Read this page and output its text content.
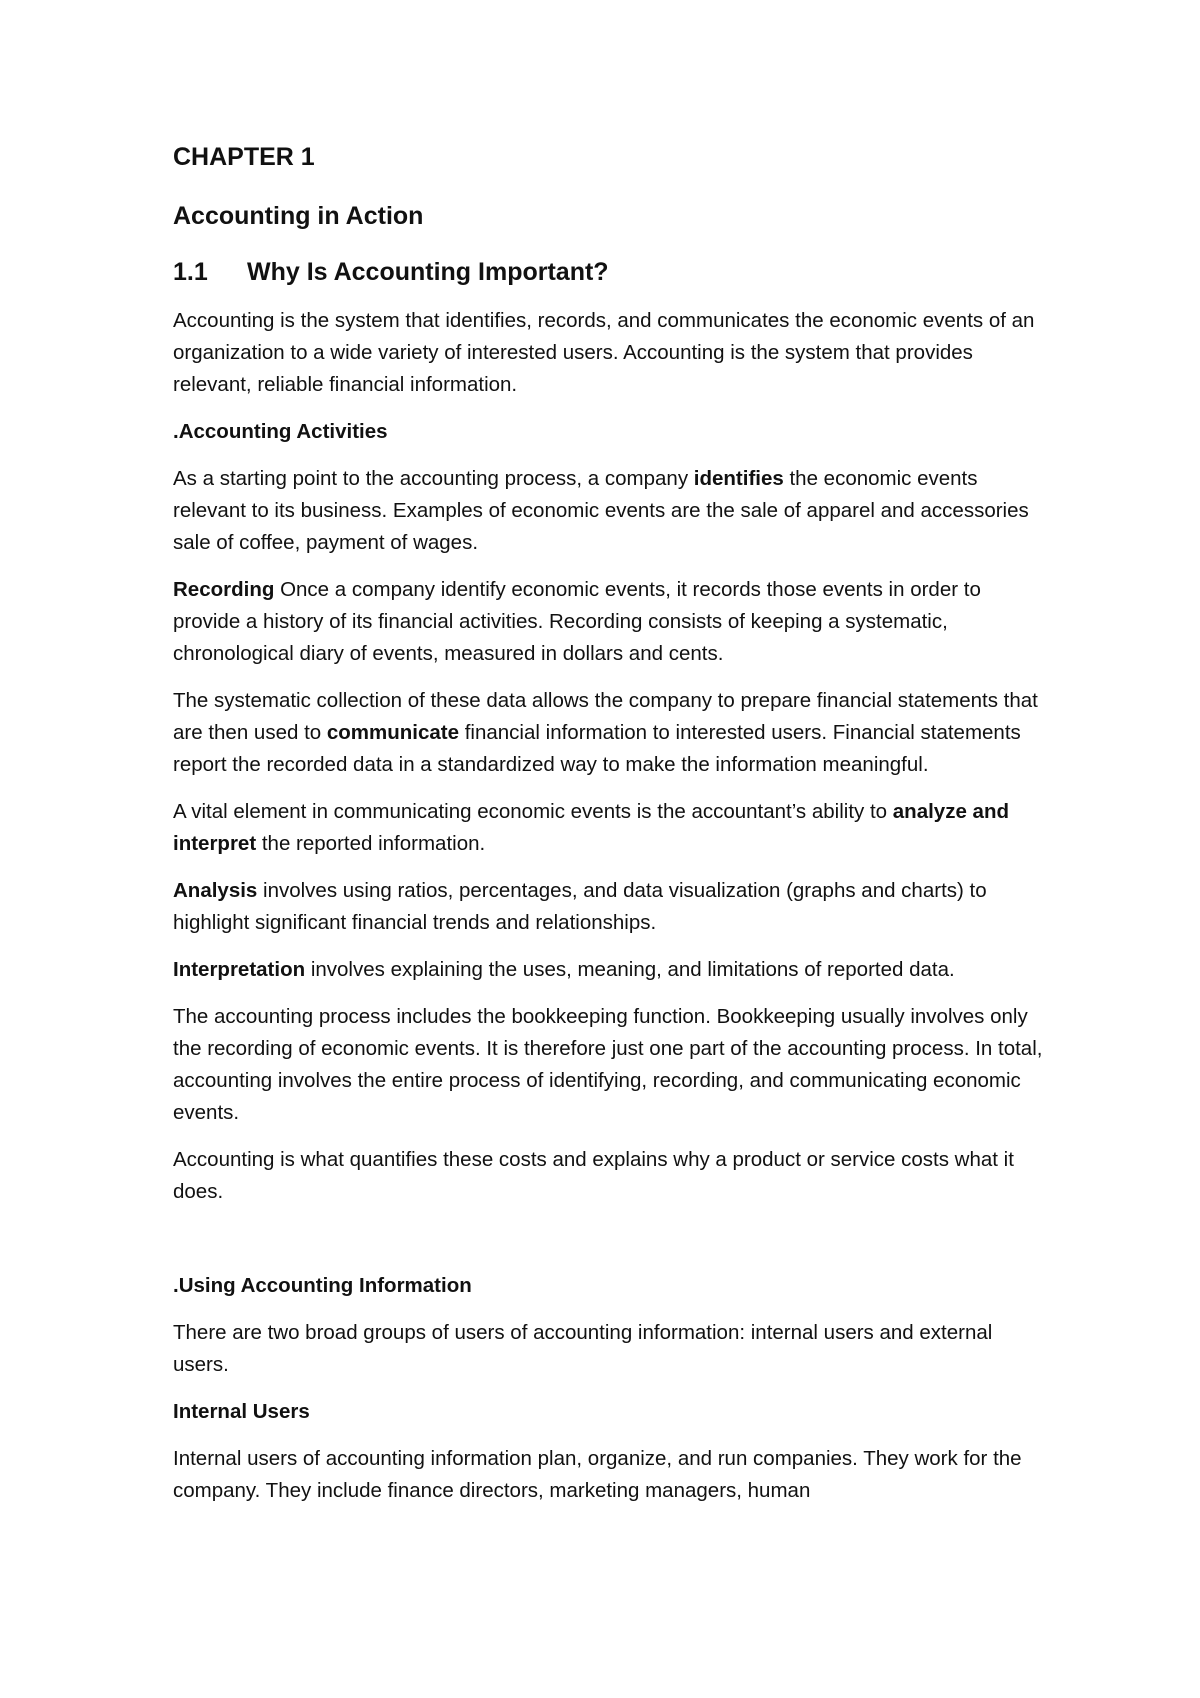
CHAPTER 1
Accounting in Action
1.1 Why Is Accounting Important?

Accounting is the system that identifies, records, and communicates the economic events of an organization to a wide variety of interested users. Accounting is the system that provides relevant, reliable financial information.

.Accounting Activities

As a starting point to the accounting process, a company identifies the economic events relevant to its business. Examples of economic events are the sale of apparel and accessories sale of coffee, payment of wages.

Recording Once a company identify economic events, it records those events in order to provide a history of its financial activities. Recording consists of keeping a systematic, chronological diary of events, measured in dollars and cents.

The systematic collection of these data allows the company to prepare financial statements that are then used to communicate financial information to interested users. Financial statements report the recorded data in a standardized way to make the information meaningful.

A vital element in communicating economic events is the accountant’s ability to analyze and interpret the reported information.

Analysis involves using ratios, percentages, and data visualization (graphs and charts) to highlight significant financial trends and relationships.

Interpretation involves explaining the uses, meaning, and limitations of reported data.

The accounting process includes the bookkeeping function. Bookkeeping usually involves only the recording of economic events. It is therefore just one part of the accounting process. In total, accounting involves the entire process of identifying, recording, and communicating economic events.

Accounting is what quantifies these costs and explains why a product or service costs what it does.

.Using Accounting Information

There are two broad groups of users of accounting information: internal users and external users.

Internal Users

Internal users of accounting information plan, organize, and run companies. They work for the company. They include finance directors, marketing managers, human
